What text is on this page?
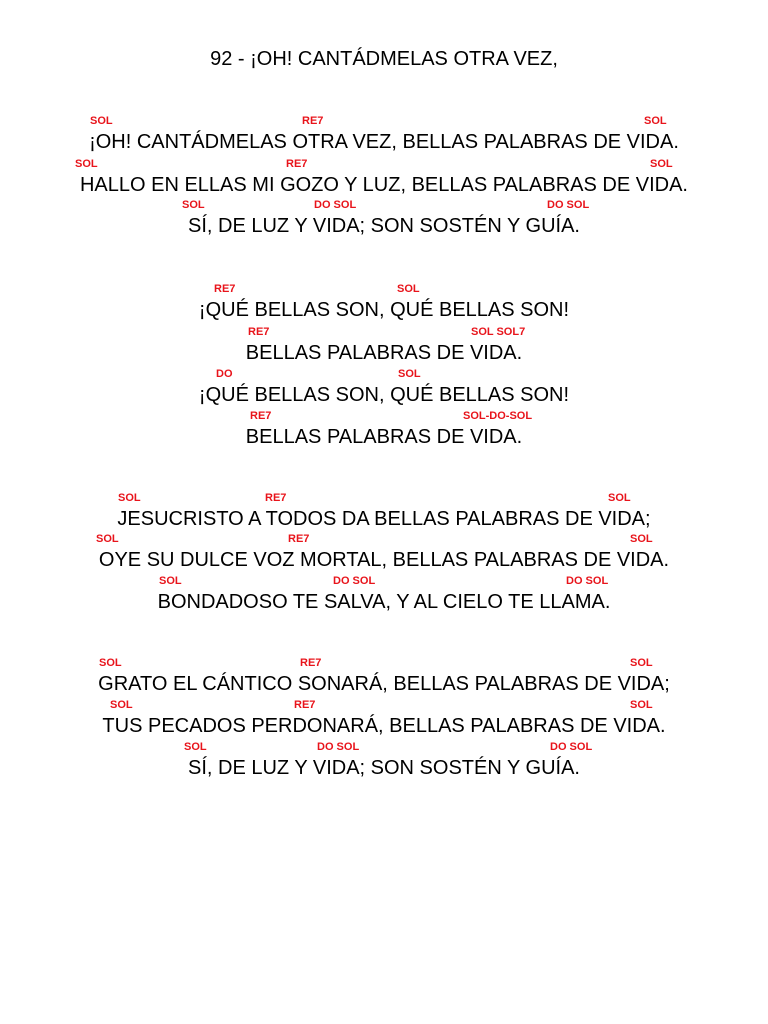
92 - ¡OH! CANTÁDMELAS OTRA VEZ,
SOL	RE7	SOL
¡OH! CANTÁDMELAS OTRA VEZ, BELLAS PALABRAS DE VIDA.
SOL	RE7	SOL
HALLO EN ELLAS MI GOZO Y LUZ, BELLAS PALABRAS DE VIDA.
SOL	DO SOL	DO SOL
SÍ, DE LUZ Y VIDA; SON SOSTÉN Y GUÍA.
RE7	SOL
¡QUÉ BELLAS SON, QUÉ BELLAS SON!
RE7	SOL SOL7
BELLAS PALABRAS DE VIDA.
DO	SOL
¡QUÉ BELLAS SON, QUÉ BELLAS SON!
RE7	SOL-DO-SOL
BELLAS PALABRAS DE VIDA.
SOL	RE7	SOL
JESUCRISTO A TODOS DA BELLAS PALABRAS DE VIDA;
SOL	RE7	SOL
OYE SU DULCE VOZ MORTAL, BELLAS PALABRAS DE VIDA.
SOL	DO SOL	DO SOL
BONDADOSO TE SALVA, Y AL CIELO TE LLAMA.
SOL	RE7	SOL
GRATO EL CÁNTICO SONARÁ, BELLAS PALABRAS DE VIDA;
SOL	RE7	SOL
TUS PECADOS PERDONARÁ, BELLAS PALABRAS DE VIDA.
SOL	DO SOL	DO SOL
SÍ, DE LUZ Y VIDA; SON SOSTÉN Y GUÍA.
